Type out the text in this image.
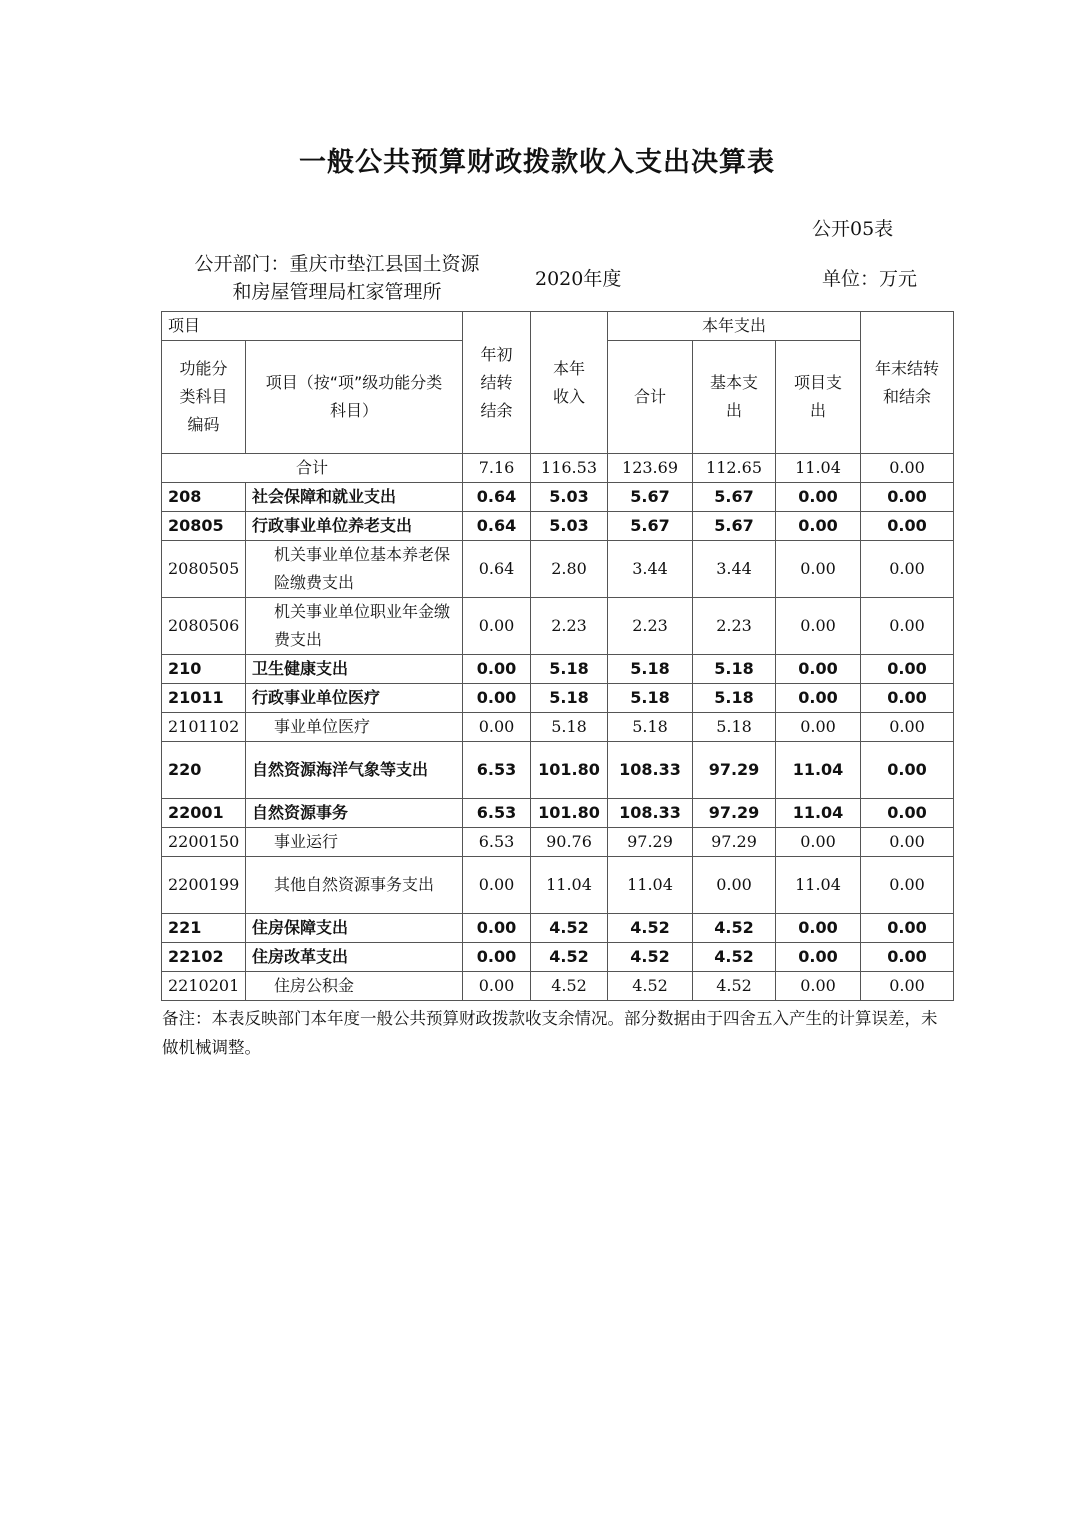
一般公共预算财政拨款收入支出决算表
公开05表
公开部门：重庆市垫江县国土资源
和房屋管理局杠家管理所
2020年度	单位：万元
项目		年初结转结余	本年收入	本年支出			年末结转和结余

功能分类科目编码	项目（按“项”级功能分类科目）			合计	基本支出	项目支出	

合计		7.16	116.53	123.69	112.65	11.04	0.00
208	社会保障和就业支出	0.64	5.03	5.67	5.67	0.00	0.00
20805	行政事业单位养老支出	0.64	5.03	5.67	5.67	0.00	0.00
2080505	机关事业单位基本养老保险缴费支出	0.64	2.80	3.44	3.44	0.00	0.00
2080506	机关事业单位职业年金缴费支出	0.00	2.23	2.23	2.23	0.00	0.00
210	卫生健康支出	0.00	5.18	5.18	5.18	0.00	0.00
21011	行政事业单位医疗	0.00	5.18	5.18	5.18	0.00	0.00
2101102	事业单位医疗	0.00	5.18	5.18	5.18	0.00	0.00
220	自然资源海洋气象等支出	6.53	101.80	108.33	97.29	11.04	0.00
22001	自然资源事务	6.53	101.80	108.33	97.29	11.04	0.00
2200150	事业运行	6.53	90.76	97.29	97.29	0.00	0.00
2200199	其他自然资源事务支出	0.00	11.04	11.04	0.00	11.04	0.00
221	住房保障支出	0.00	4.52	4.52	4.52	0.00	0.00
22102	住房改革支出	0.00	4.52	4.52	4.52	0.00	0.00
2210201	住房公积金	0.00	4.52	4.52	4.52	0.00	0.00
备注：本表反映部门本年度一般公共预算财政拨款收支余情况。部分数据由于四舍五入产生的计算误差，未做机械调整。
